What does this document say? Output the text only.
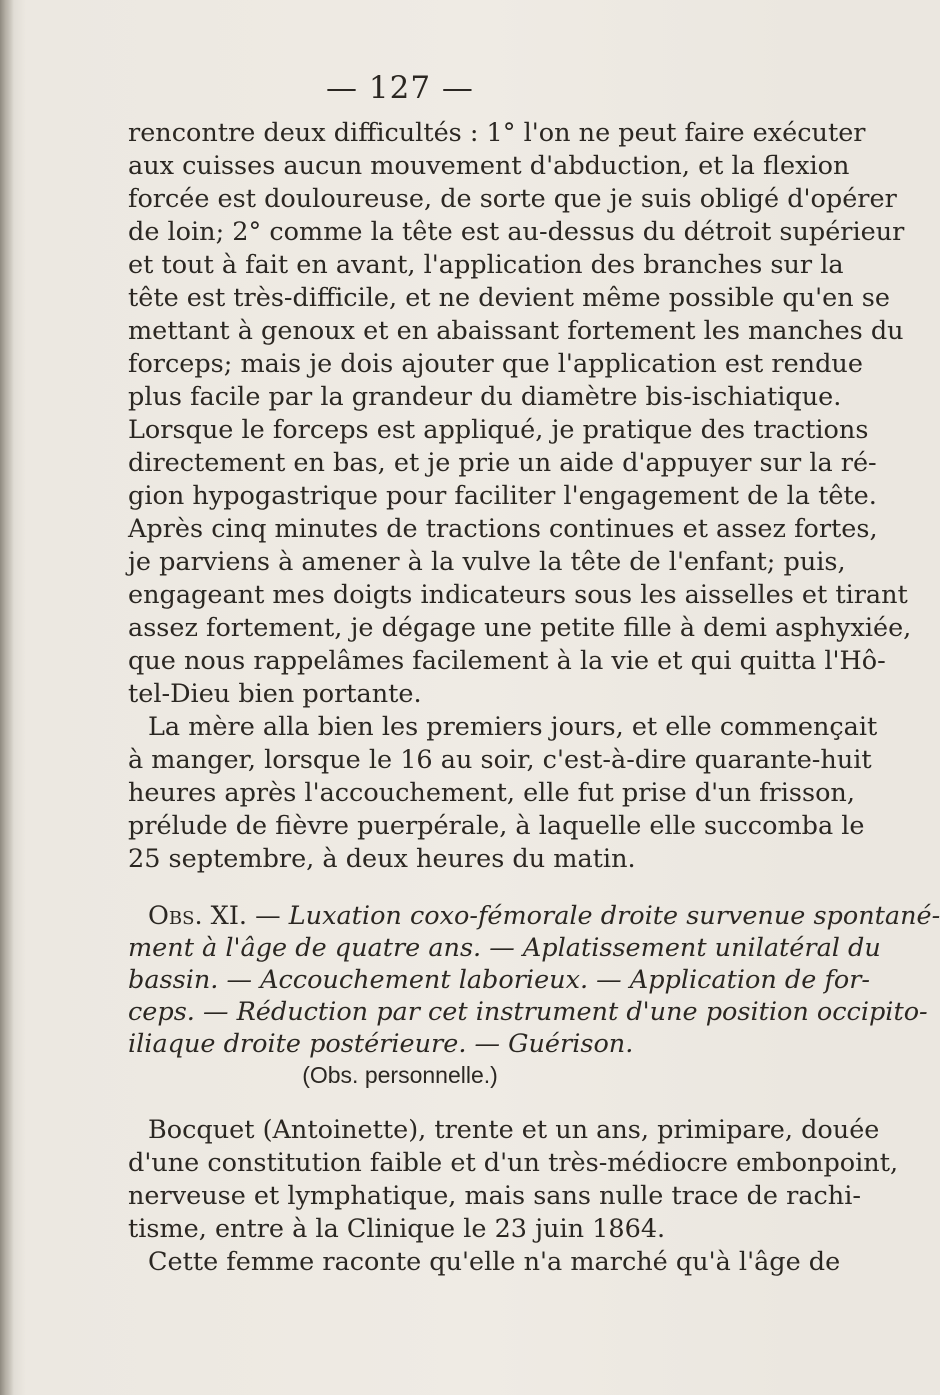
— 127 —
rencontre deux difficultés : 1° l'on ne peut faire exécuter
aux cuisses aucun mouvement d'abduction, et la flexion
forcée est douloureuse, de sorte que je suis obligé d'opérer
de loin; 2° comme la tête est au-dessus du détroit supérieur
et tout à fait en avant, l'application des branches sur la
tête est très-difficile, et ne devient même possible qu'en se
mettant à genoux et en abaissant fortement les manches du
forceps; mais je dois ajouter que l'application est rendue
plus facile par la grandeur du diamètre bis-ischiatique.
Lorsque le forceps est appliqué, je pratique des tractions
directement en bas, et je prie un aide d'appuyer sur la ré-
gion hypogastrique pour faciliter l'engagement de la tête.
Après cinq minutes de tractions continues et assez fortes,
je parviens à amener à la vulve la tête de l'enfant; puis,
engageant mes doigts indicateurs sous les aisselles et tirant
assez fortement, je dégage une petite fille à demi asphyxiée,
que nous rappelâmes facilement à la vie et qui quitta l'Hô-
tel-Dieu bien portante.
La mère alla bien les premiers jours, et elle commençait
à manger, lorsque le 16 au soir, c'est-à-dire quarante-huit
heures après l'accouchement, elle fut prise d'un frisson,
prélude de fièvre puerpérale, à laquelle elle succomba le
25 septembre, à deux heures du matin.
Obs. XI. — Luxation coxo-fémorale droite survenue spontané-
ment à l'âge de quatre ans. — Aplatissement unilatéral du
bassin. — Accouchement laborieux. — Application de for-
ceps. — Réduction par cet instrument d'une position occipito-
iliaque droite postérieure. — Guérison.
(Obs. personnelle.)
Bocquet (Antoinette), trente et un ans, primipare, douée
d'une constitution faible et d'un très-médiocre embonpoint,
nerveuse et lymphatique, mais sans nulle trace de rachi-
tisme, entre à la Clinique le 23 juin 1864.
Cette femme raconte qu'elle n'a marché qu'à l'âge de
